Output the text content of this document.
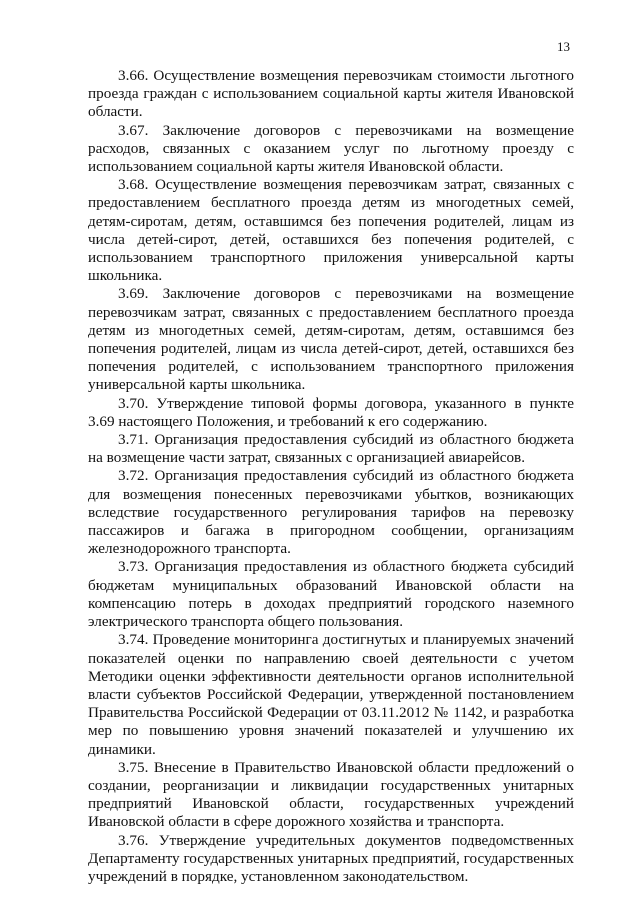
13

3.66. Осуществление возмещения перевозчикам стоимости льготного проезда граждан с использованием социальной карты жителя Ивановской области.

3.67. Заключение договоров с перевозчиками на возмещение расходов, связанных с оказанием услуг по льготному проезду с использованием социальной карты жителя Ивановской области.

3.68. Осуществление возмещения перевозчикам затрат, связанных с предоставлением бесплатного проезда детям из многодетных семей, детям-сиротам, детям, оставшимся без попечения родителей, лицам из числа детей-сирот, детей, оставшихся без попечения родителей, с использованием транспортного приложения универсальной карты школьника.

3.69. Заключение договоров с перевозчиками на возмещение перевозчикам затрат, связанных с предоставлением бесплатного проезда детям из многодетных семей, детям-сиротам, детям, оставшимся без попечения родителей, лицам из числа детей-сирот, детей, оставшихся без попечения родителей, с использованием транспортного приложения универсальной карты школьника.

3.70. Утверждение типовой формы договора, указанного в пункте 3.69 настоящего Положения, и требований к его содержанию.

3.71. Организация предоставления субсидий из областного бюджета на возмещение части затрат, связанных с организацией авиарейсов.

3.72. Организация предоставления субсидий из областного бюджета для возмещения понесенных перевозчиками убытков, возникающих вследствие государственного регулирования тарифов на перевозку пассажиров и багажа в пригородном сообщении, организациям железнодорожного транспорта.

3.73. Организация предоставления из областного бюджета субсидий бюджетам муниципальных образований Ивановской области на компенсацию потерь в доходах предприятий городского наземного электрического транспорта общего пользования.

3.74. Проведение мониторинга достигнутых и планируемых значений показателей оценки по направлению своей деятельности с учетом Методики оценки эффективности деятельности органов исполнительной власти субъектов Российской Федерации, утвержденной постановлением Правительства Российской Федерации от 03.11.2012 № 1142, и разработка мер по повышению уровня значений показателей и улучшению их динамики.

3.75. Внесение в Правительство Ивановской области предложений о создании, реорганизации и ликвидации государственных унитарных предприятий Ивановской области, государственных учреждений Ивановской области в сфере дорожного хозяйства и транспорта.

3.76. Утверждение учредительных документов подведомственных Департаменту государственных унитарных предприятий, государственных учреждений в порядке, установленном законодательством.
